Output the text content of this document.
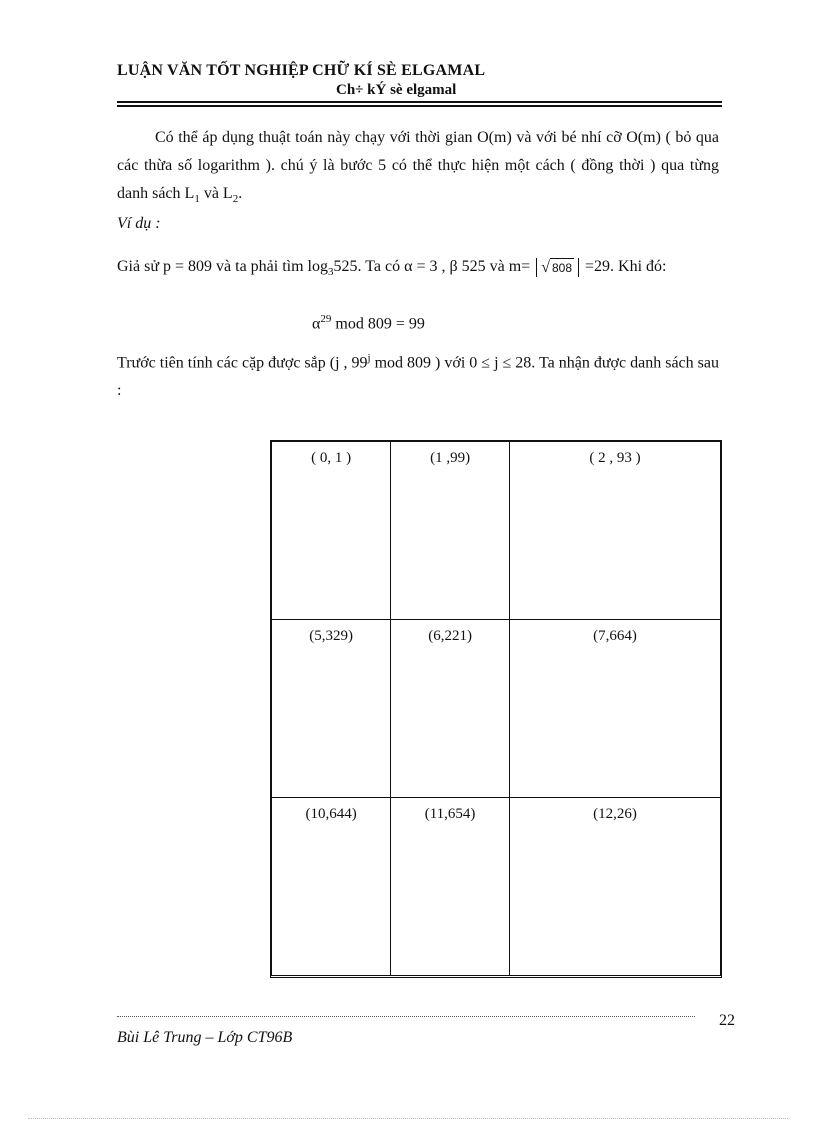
LUẬN VĂN TỐT NGHIỆP CHỮ KÍ SÈ ELGAMAL
Ch÷ kÝ sè elgamal

Có thể áp dụng thuật toán này chạy với thời gian O(m) và với bé nhí cỡ O(m) ( bỏ qua các thừa số logarithm ). chú ý là bước 5 có thể thực hiện một cách ( đồng thời ) qua từng danh sách $L_1$ và $L_2$.

Ví dụ :

Giả sử p = 809 và ta phải tìm $\log_3525$. Ta có α = 3 , β 525 và m= √ 808 =29. Khi đó:

$\alpha^{29}$ mod 809 = 99

Trước tiên tính các cặp được sắp (j , 99$^j$ mod 809 ) với 0 ≤ j ≤ 28. Ta nhận được danh sách sau :

( 0, 1 )	(1 ,99)	( 2 , 93 )
(5,329)	(6,221)	(7,664)
(10,644)	(11,654)	(12,26)
22
Bùi Lê Trung – Lớp CT96B
